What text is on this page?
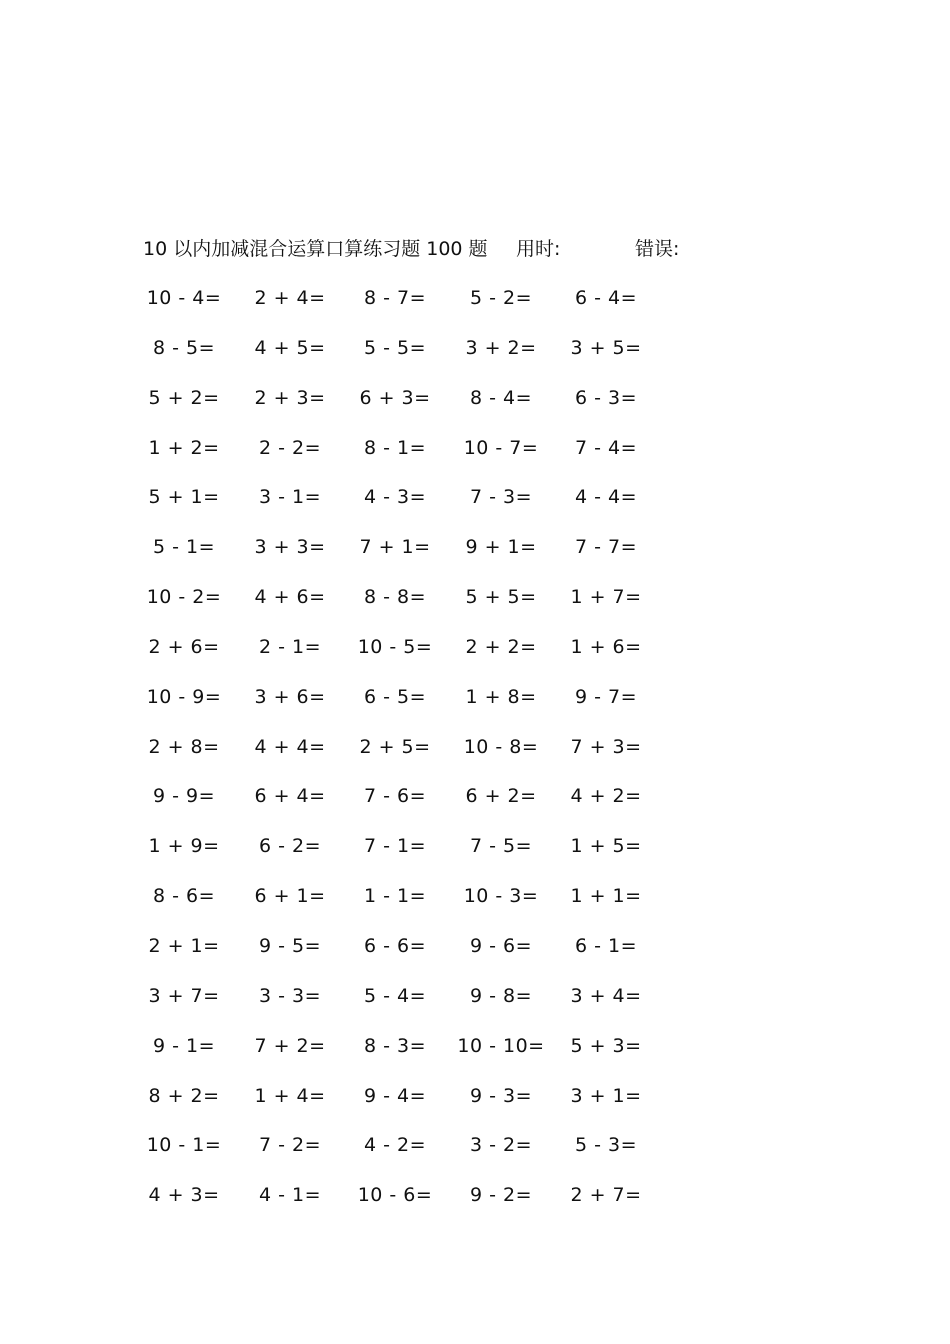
10 以内加减混合运算口算练习题 100 题 用时:	错误:
10 - 4=	2 + 4=	8 - 7=	5 - 2=	6 - 4=
8 - 5=	4 + 5=	5 - 5=	3 + 2=	3 + 5=
5 + 2=	2 + 3=	6 + 3=	8 - 4=	6 - 3=
1 + 2=	2 - 2=	8 - 1=	10 - 7=	7 - 4=
5 + 1=	3 - 1=	4 - 3=	7 - 3=	4 - 4=
5 - 1=	3 + 3=	7 + 1=	9 + 1=	7 - 7=
10 - 2=	4 + 6=	8 - 8=	5 + 5=	1 + 7=
2 + 6=	2 - 1=	10 - 5=	2 + 2=	1 + 6=
10 - 9=	3 + 6=	6 - 5=	1 + 8=	9 - 7=
2 + 8=	4 + 4=	2 + 5=	10 - 8=	7 + 3=
9 - 9=	6 + 4=	7 - 6=	6 + 2=	4 + 2=
1 + 9=	6 - 2=	7 - 1=	7 - 5=	1 + 5=
8 - 6=	6 + 1=	1 - 1=	10 - 3=	1 + 1=
2 + 1=	9 - 5=	6 - 6=	9 - 6=	6 - 1=
3 + 7=	3 - 3=	5 - 4=	9 - 8=	3 + 4=
9 - 1=	7 + 2=	8 - 3=	10 - 10=	5 + 3=
8 + 2=	1 + 4=	9 - 4=	9 - 3=	3 + 1=
10 - 1=	7 - 2=	4 - 2=	3 - 2=	5 - 3=
4 + 3=	4 - 1=	10 - 6=	9 - 2=	2 + 7=
